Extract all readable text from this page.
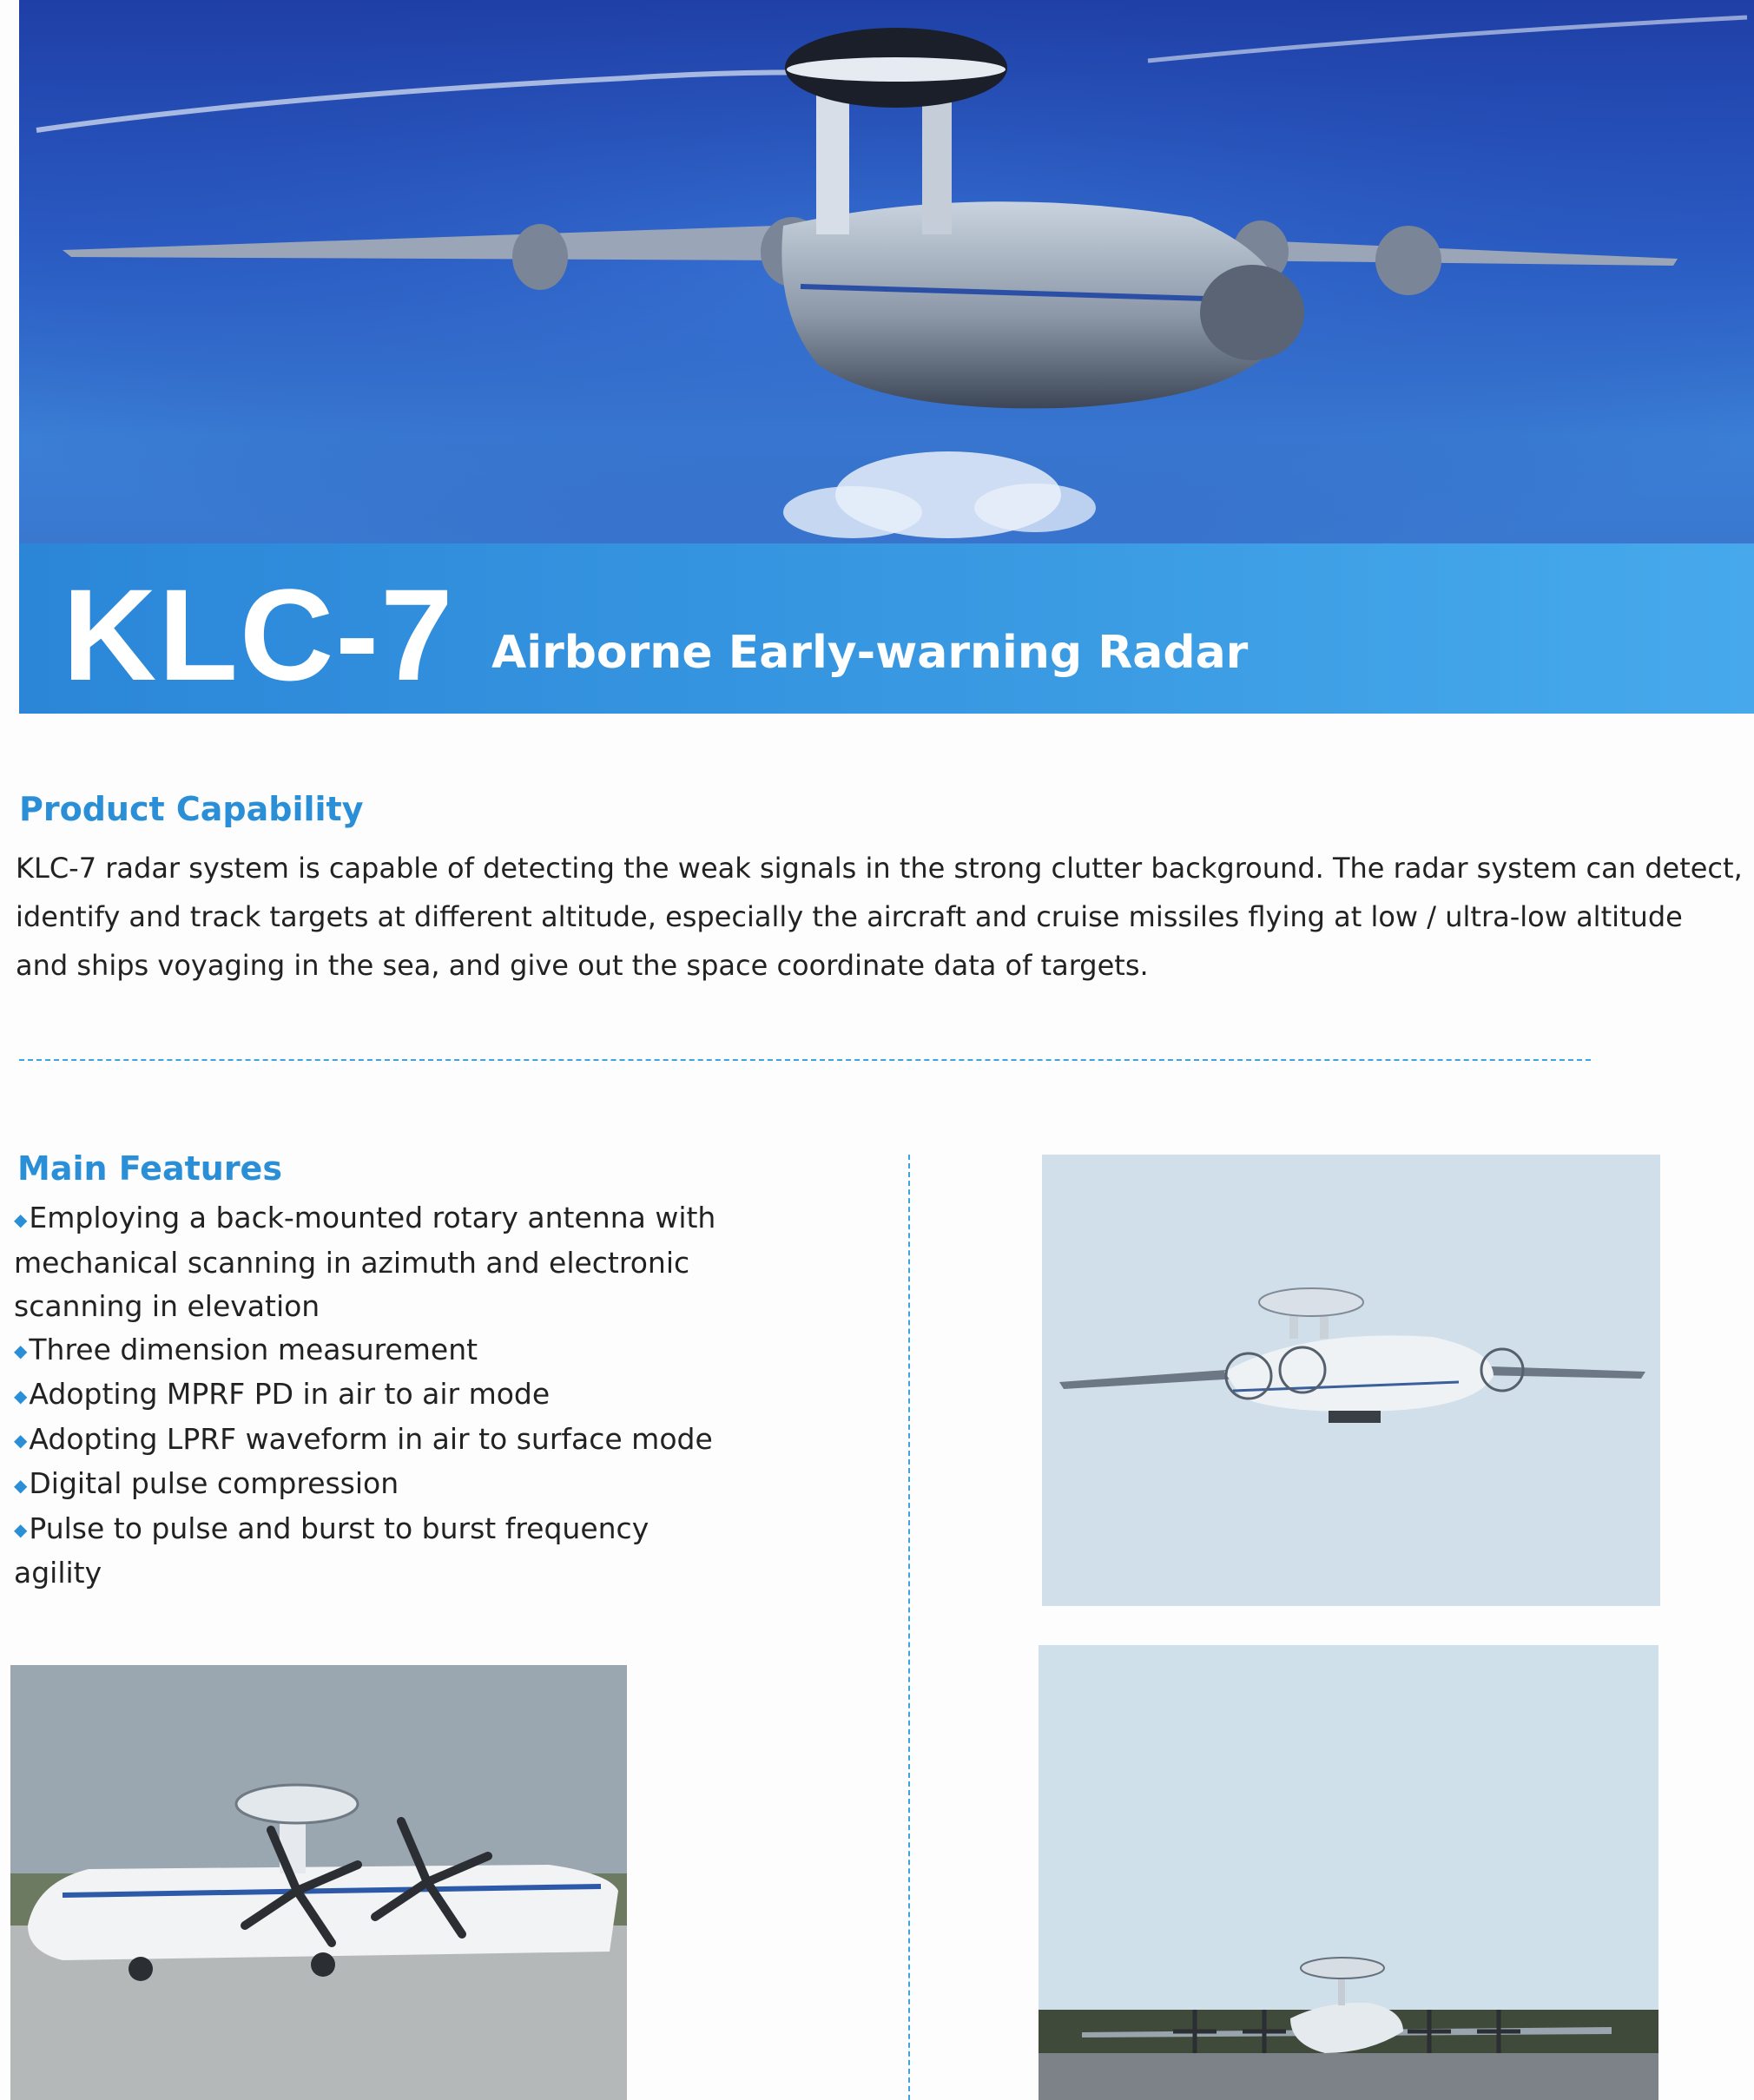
KLC-7 Airborne Early-warning Radar
Product Capability
KLC-7 radar system is capable of detecting the weak signals in the strong clutter background. The radar system can detect, identify and track targets at different altitude, especially the aircraft and cruise missiles flying at low / ultra-low altitude and ships voyaging in the sea, and give out the space coordinate data of targets.
Main Features
◆Employing a back-mounted rotary antenna with mechanical scanning in azimuth and electronic scanning in elevation
◆Three dimension measurement
◆Adopting MPRF PD in air to air mode
◆Adopting LPRF waveform in air to surface mode
◆Digital pulse compression
◆Pulse to pulse and burst to burst frequency agility
